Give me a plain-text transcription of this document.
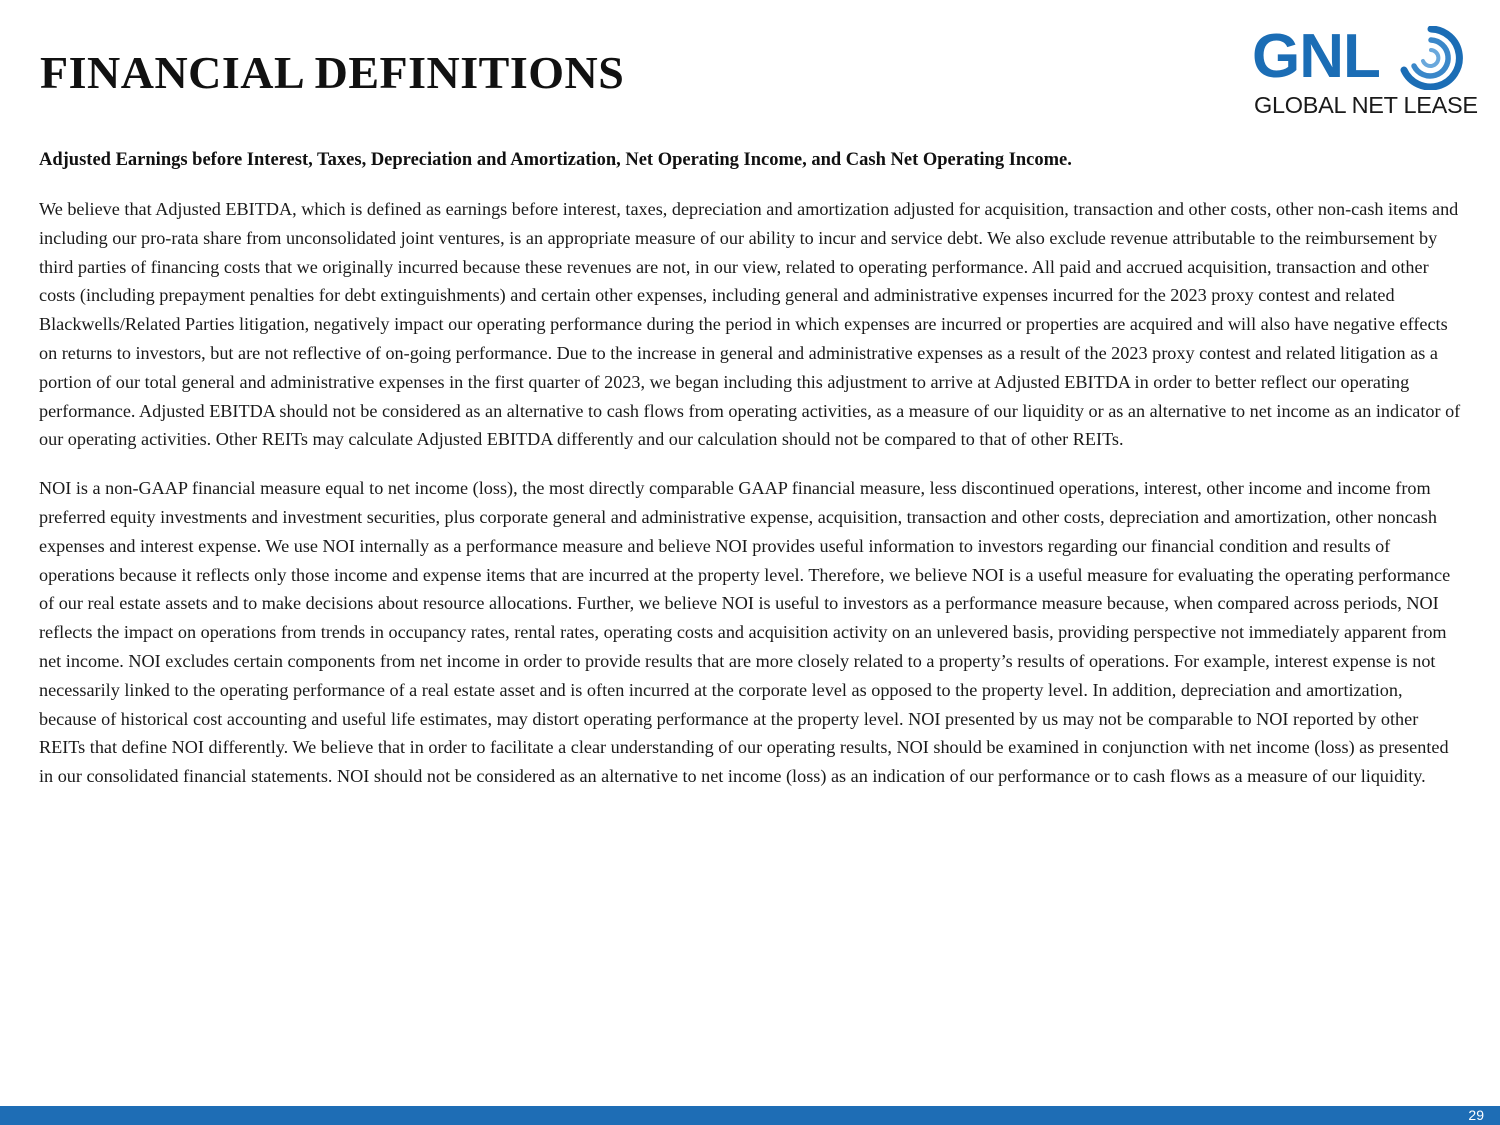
FINANCIAL DEFINITIONS	GNL
GLOBAL NET LEASE

Adjusted Earnings before Interest, Taxes, Depreciation and Amortization, Net Operating Income, and Cash Net Operating Income.

We believe that Adjusted EBITDA, which is defined as earnings before interest, taxes, depreciation and amortization adjusted for acquisition, transaction and other costs, other non-cash items and including our pro-rata share from unconsolidated joint ventures, is an appropriate measure of our ability to incur and service debt. We also exclude revenue attributable to the reimbursement by third parties of financing costs that we originally incurred because these revenues are not, in our view, related to operating performance. All paid and accrued acquisition, transaction and other costs (including prepayment penalties for debt extinguishments) and certain other expenses, including general and administrative expenses incurred for the 2023 proxy contest and related Blackwells/Related Parties litigation, negatively impact our operating performance during the period in which expenses are incurred or properties are acquired and will also have negative effects on returns to investors, but are not reflective of on-going performance. Due to the increase in general and administrative expenses as a result of the 2023 proxy contest and related litigation as a portion of our total general and administrative expenses in the first quarter of 2023, we began including this adjustment to arrive at Adjusted EBITDA in order to better reflect our operating performance. Adjusted EBITDA should not be considered as an alternative to cash flows from operating activities, as a measure of our liquidity or as an alternative to net income as an indicator of our operating activities. Other REITs may calculate Adjusted EBITDA differently and our calculation should not be compared to that of other REITs.

NOI is a non-GAAP financial measure equal to net income (loss), the most directly comparable GAAP financial measure, less discontinued operations, interest, other income and income from preferred equity investments and investment securities, plus corporate general and administrative expense, acquisition, transaction and other costs, depreciation and amortization, other noncash expenses and interest expense. We use NOI internally as a performance measure and believe NOI provides useful information to investors regarding our financial condition and results of operations because it reflects only those income and expense items that are incurred at the property level. Therefore, we believe NOI is a useful measure for evaluating the operating performance of our real estate assets and to make decisions about resource allocations. Further, we believe NOI is useful to investors as a performance measure because, when compared across periods, NOI reflects the impact on operations from trends in occupancy rates, rental rates, operating costs and acquisition activity on an unlevered basis, providing perspective not immediately apparent from net income. NOI excludes certain components from net income in order to provide results that are more closely related to a property’s results of operations. For example, interest expense is not necessarily linked to the operating performance of a real estate asset and is often incurred at the corporate level as opposed to the property level. In addition, depreciation and amortization, because of historical cost accounting and useful life estimates, may distort operating performance at the property level. NOI presented by us may not be comparable to NOI reported by other REITs that define NOI differently. We believe that in order to facilitate a clear understanding of our operating results, NOI should be examined in conjunction with net income (loss) as presented in our consolidated financial statements. NOI should not be considered as an alternative to net income (loss) as an indication of our performance or to cash flows as a measure of our liquidity.

29
